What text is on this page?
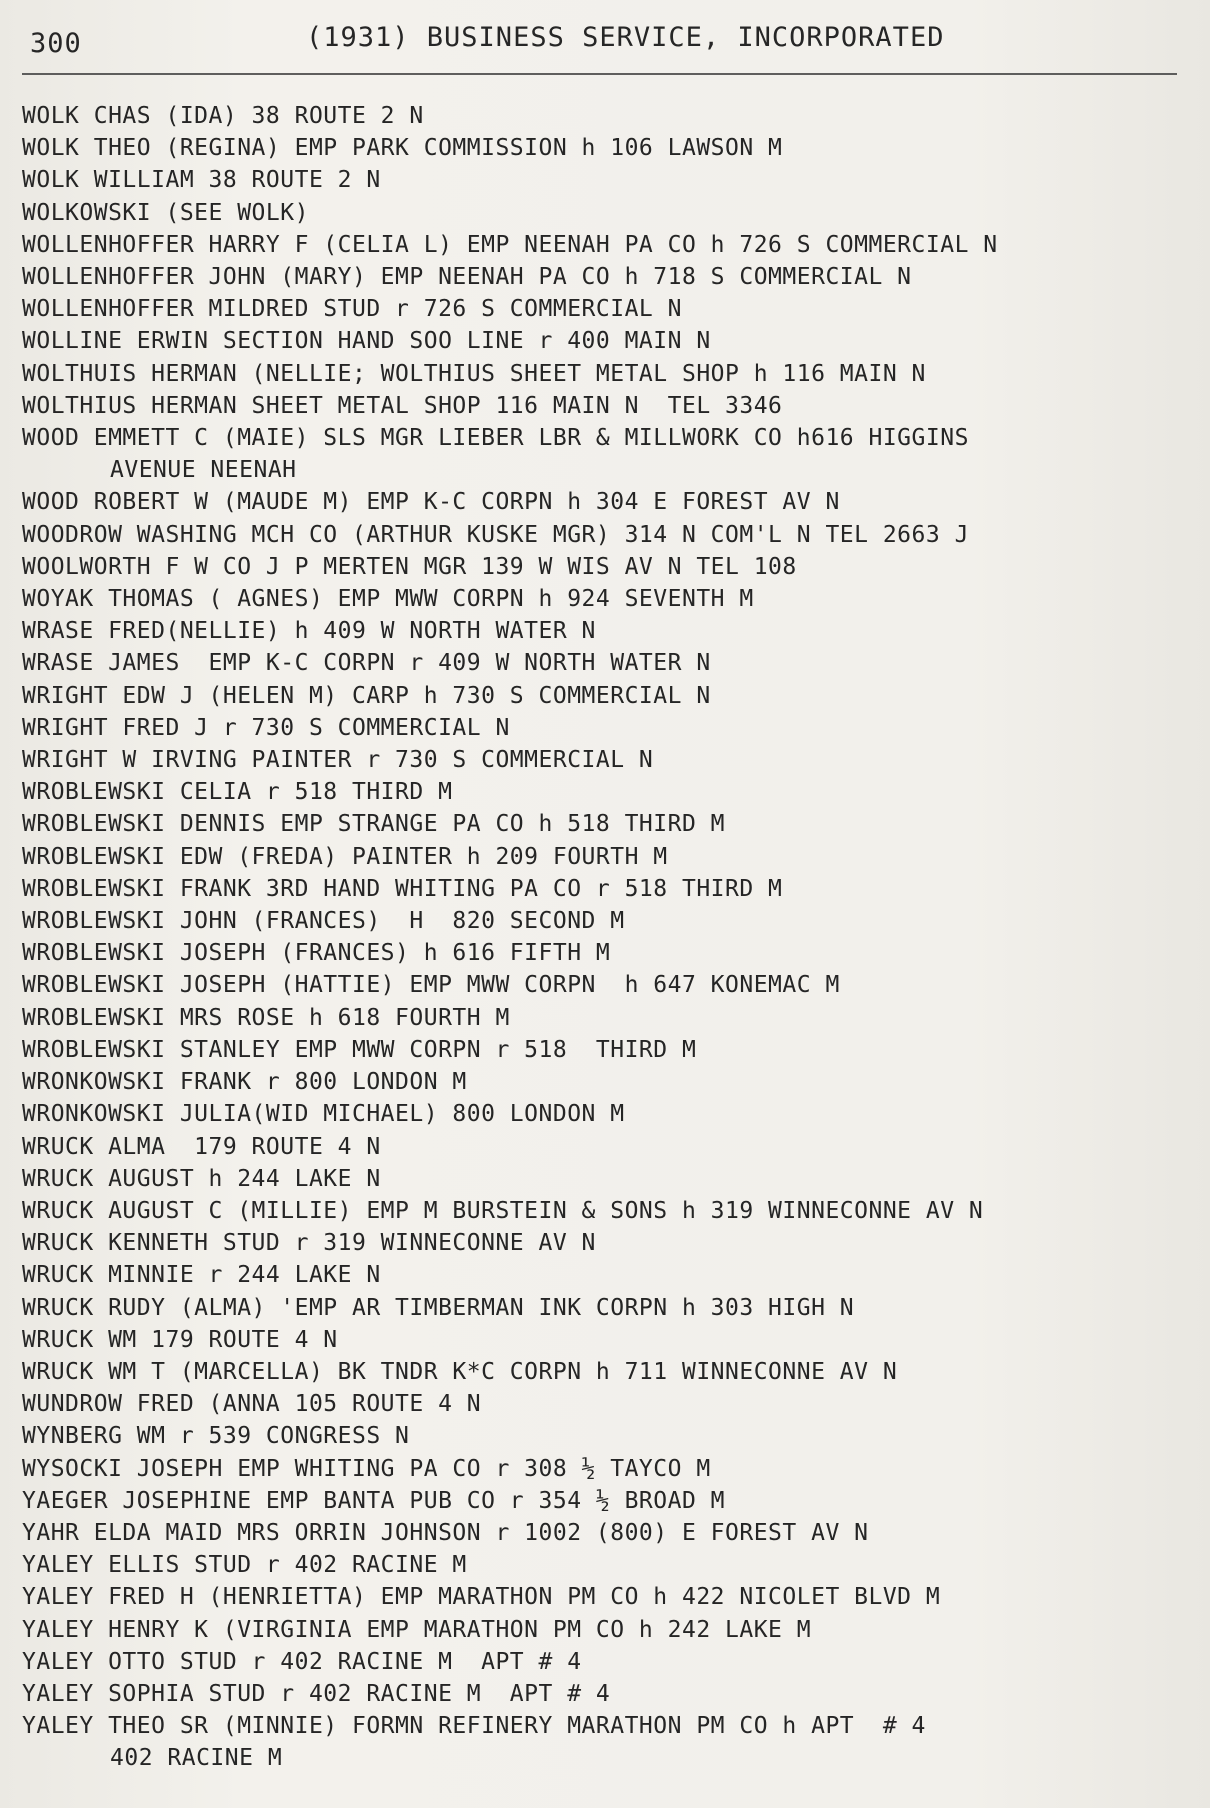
300	(1931) BUSINESS SERVICE, INCORPORATED
WOLK CHAS (IDA) 38 ROUTE 2 N
WOLK THEO (REGINA) EMP PARK COMMISSION h 106 LAWSON M
WOLK WILLIAM 38 ROUTE 2 N
WOLKOWSKI (SEE WOLK)
WOLLENHOFFER HARRY F (CELIA L) EMP NEENAH PA CO h 726 S COMMERCIAL N
WOLLENHOFFER JOHN (MARY) EMP NEENAH PA CO h 718 S COMMERCIAL N
WOLLENHOFFER MILDRED STUD r 726 S COMMERCIAL N
WOLLINE ERWIN SECTION HAND SOO LINE r 400 MAIN N
WOLTHUIS HERMAN (NELLIE; WOLTHIUS SHEET METAL SHOP h 116 MAIN N
WOLTHIUS HERMAN SHEET METAL SHOP 116 MAIN N  TEL 3346
WOOD EMMETT C (MAIE) SLS MGR LIEBER LBR & MILLWORK CO h616 HIGGINS
AVENUE NEENAH
WOOD ROBERT W (MAUDE M) EMP K-C CORPN h 304 E FOREST AV N
WOODROW WASHING MCH CO (ARTHUR KUSKE MGR) 314 N COM'L N TEL 2663 J
WOOLWORTH F W CO J P MERTEN MGR 139 W WIS AV N TEL 108
WOYAK THOMAS ( AGNES) EMP MWW CORPN h 924 SEVENTH M
WRASE FRED(NELLIE) h 409 W NORTH WATER N
WRASE JAMES  EMP K-C CORPN r 409 W NORTH WATER N
WRIGHT EDW J (HELEN M) CARP h 730 S COMMERCIAL N
WRIGHT FRED J r 730 S COMMERCIAL N
WRIGHT W IRVING PAINTER r 730 S COMMERCIAL N
WROBLEWSKI CELIA r 518 THIRD M
WROBLEWSKI DENNIS EMP STRANGE PA CO h 518 THIRD M
WROBLEWSKI EDW (FREDA) PAINTER h 209 FOURTH M
WROBLEWSKI FRANK 3RD HAND WHITING PA CO r 518 THIRD M
WROBLEWSKI JOHN (FRANCES)  H  820 SECOND M
WROBLEWSKI JOSEPH (FRANCES) h 616 FIFTH M
WROBLEWSKI JOSEPH (HATTIE) EMP MWW CORPN  h 647 KONEMAC M
WROBLEWSKI MRS ROSE h 618 FOURTH M
WROBLEWSKI STANLEY EMP MWW CORPN r 518  THIRD M
WRONKOWSKI FRANK r 800 LONDON M
WRONKOWSKI JULIA(WID MICHAEL) 800 LONDON M
WRUCK ALMA  179 ROUTE 4 N
WRUCK AUGUST h 244 LAKE N
WRUCK AUGUST C (MILLIE) EMP M BURSTEIN & SONS h 319 WINNECONNE AV N
WRUCK KENNETH STUD r 319 WINNECONNE AV N
WRUCK MINNIE r 244 LAKE N
WRUCK RUDY (ALMA) 'EMP AR TIMBERMAN INK CORPN h 303 HIGH N
WRUCK WM 179 ROUTE 4 N
WRUCK WM T (MARCELLA) BK TNDR K*C CORPN h 711 WINNECONNE AV N
WUNDROW FRED (ANNA 105 ROUTE 4 N
WYNBERG WM r 539 CONGRESS N
WYSOCKI JOSEPH EMP WHITING PA CO r 308 ½ TAYCO M
YAEGER JOSEPHINE EMP BANTA PUB CO r 354 ½ BROAD M
YAHR ELDA MAID MRS ORRIN JOHNSON r 1002 (800) E FOREST AV N
YALEY ELLIS STUD r 402 RACINE M
YALEY FRED H (HENRIETTA) EMP MARATHON PM CO h 422 NICOLET BLVD M
YALEY HENRY K (VIRGINIA EMP MARATHON PM CO h 242 LAKE M
YALEY OTTO STUD r 402 RACINE M  APT # 4
YALEY SOPHIA STUD r 402 RACINE M  APT # 4
YALEY THEO SR (MINNIE) FORMN REFINERY MARATHON PM CO h APT  # 4
402 RACINE M
